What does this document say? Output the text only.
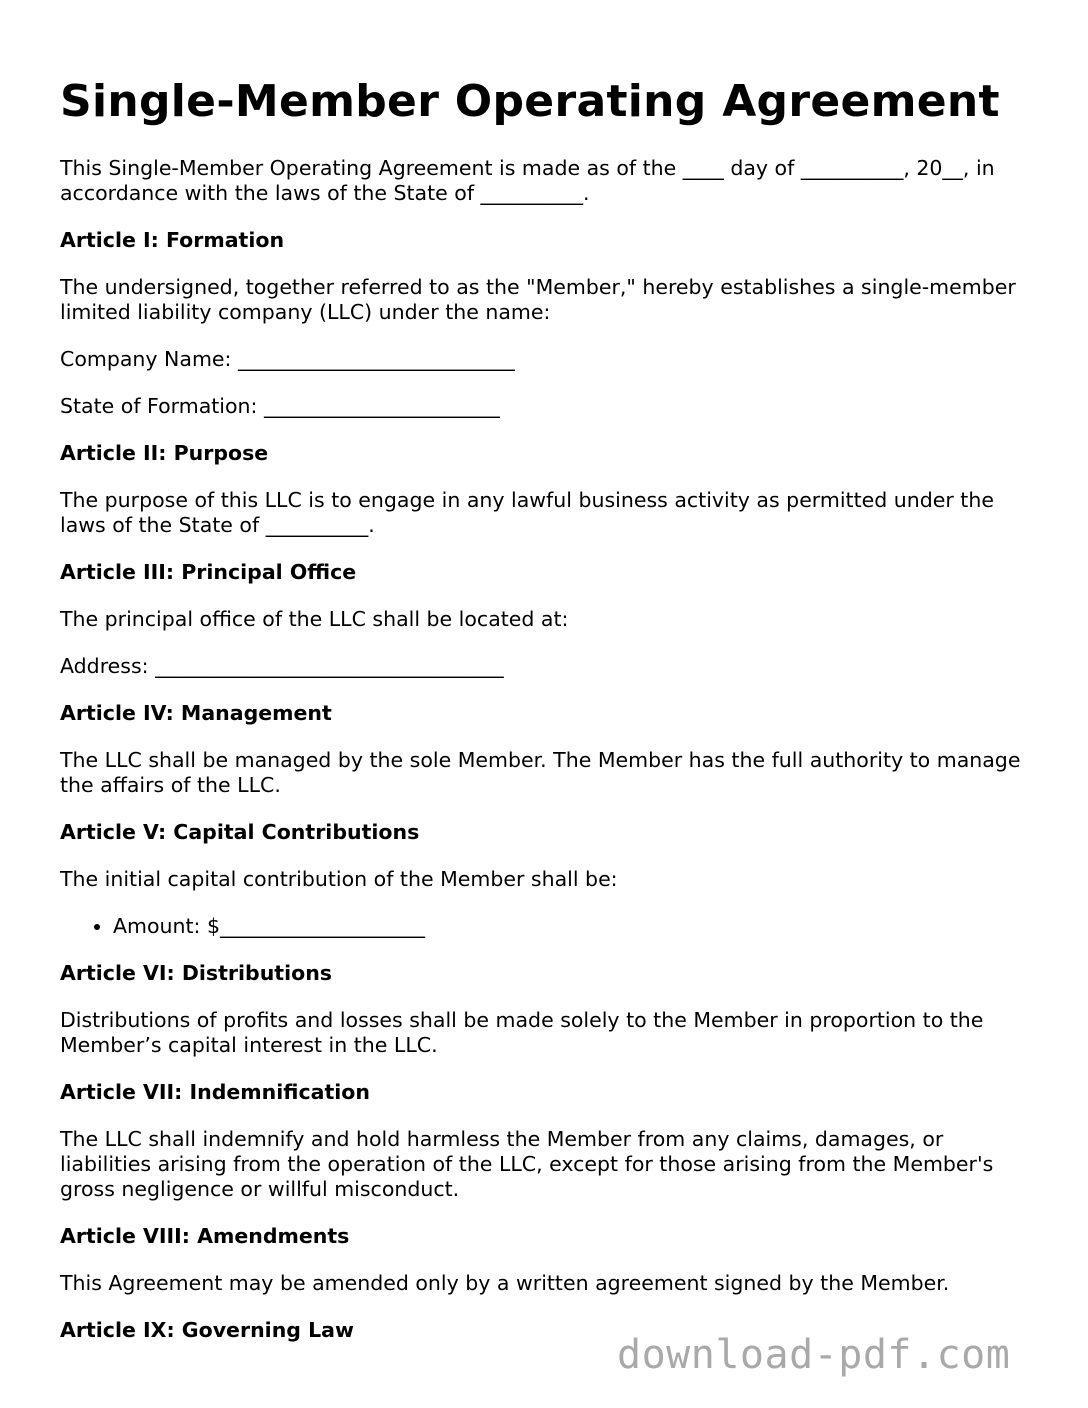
Single-Member Operating Agreement

This Single-Member Operating Agreement is made as of the ____ day of __________, 20__, in accordance with the laws of the State of __________.

Article I: Formation

The undersigned, together referred to as the "Member," hereby establishes a single-member limited liability company (LLC) under the name:

Company Name: ___________________________

State of Formation: _______________________

Article II: Purpose

The purpose of this LLC is to engage in any lawful business activity as permitted under the laws of the State of __________.

Article III: Principal Office

The principal office of the LLC shall be located at:

Address: __________________________________

Article IV: Management

The LLC shall be managed by the sole Member. The Member has the full authority to manage the affairs of the LLC.

Article V: Capital Contributions

The initial capital contribution of the Member shall be:

• Amount: $____________________
Article VI: Distributions

Distributions of profits and losses shall be made solely to the Member in proportion to the Member’s capital interest in the LLC.

Article VII: Indemnification

The LLC shall indemnify and hold harmless the Member from any claims, damages, or liabilities arising from the operation of the LLC, except for those arising from the Member's gross negligence or willful misconduct.

Article VIII: Amendments

This Agreement may be amended only by a written agreement signed by the Member.

Article IX: Governing Law
download-pdf.com
